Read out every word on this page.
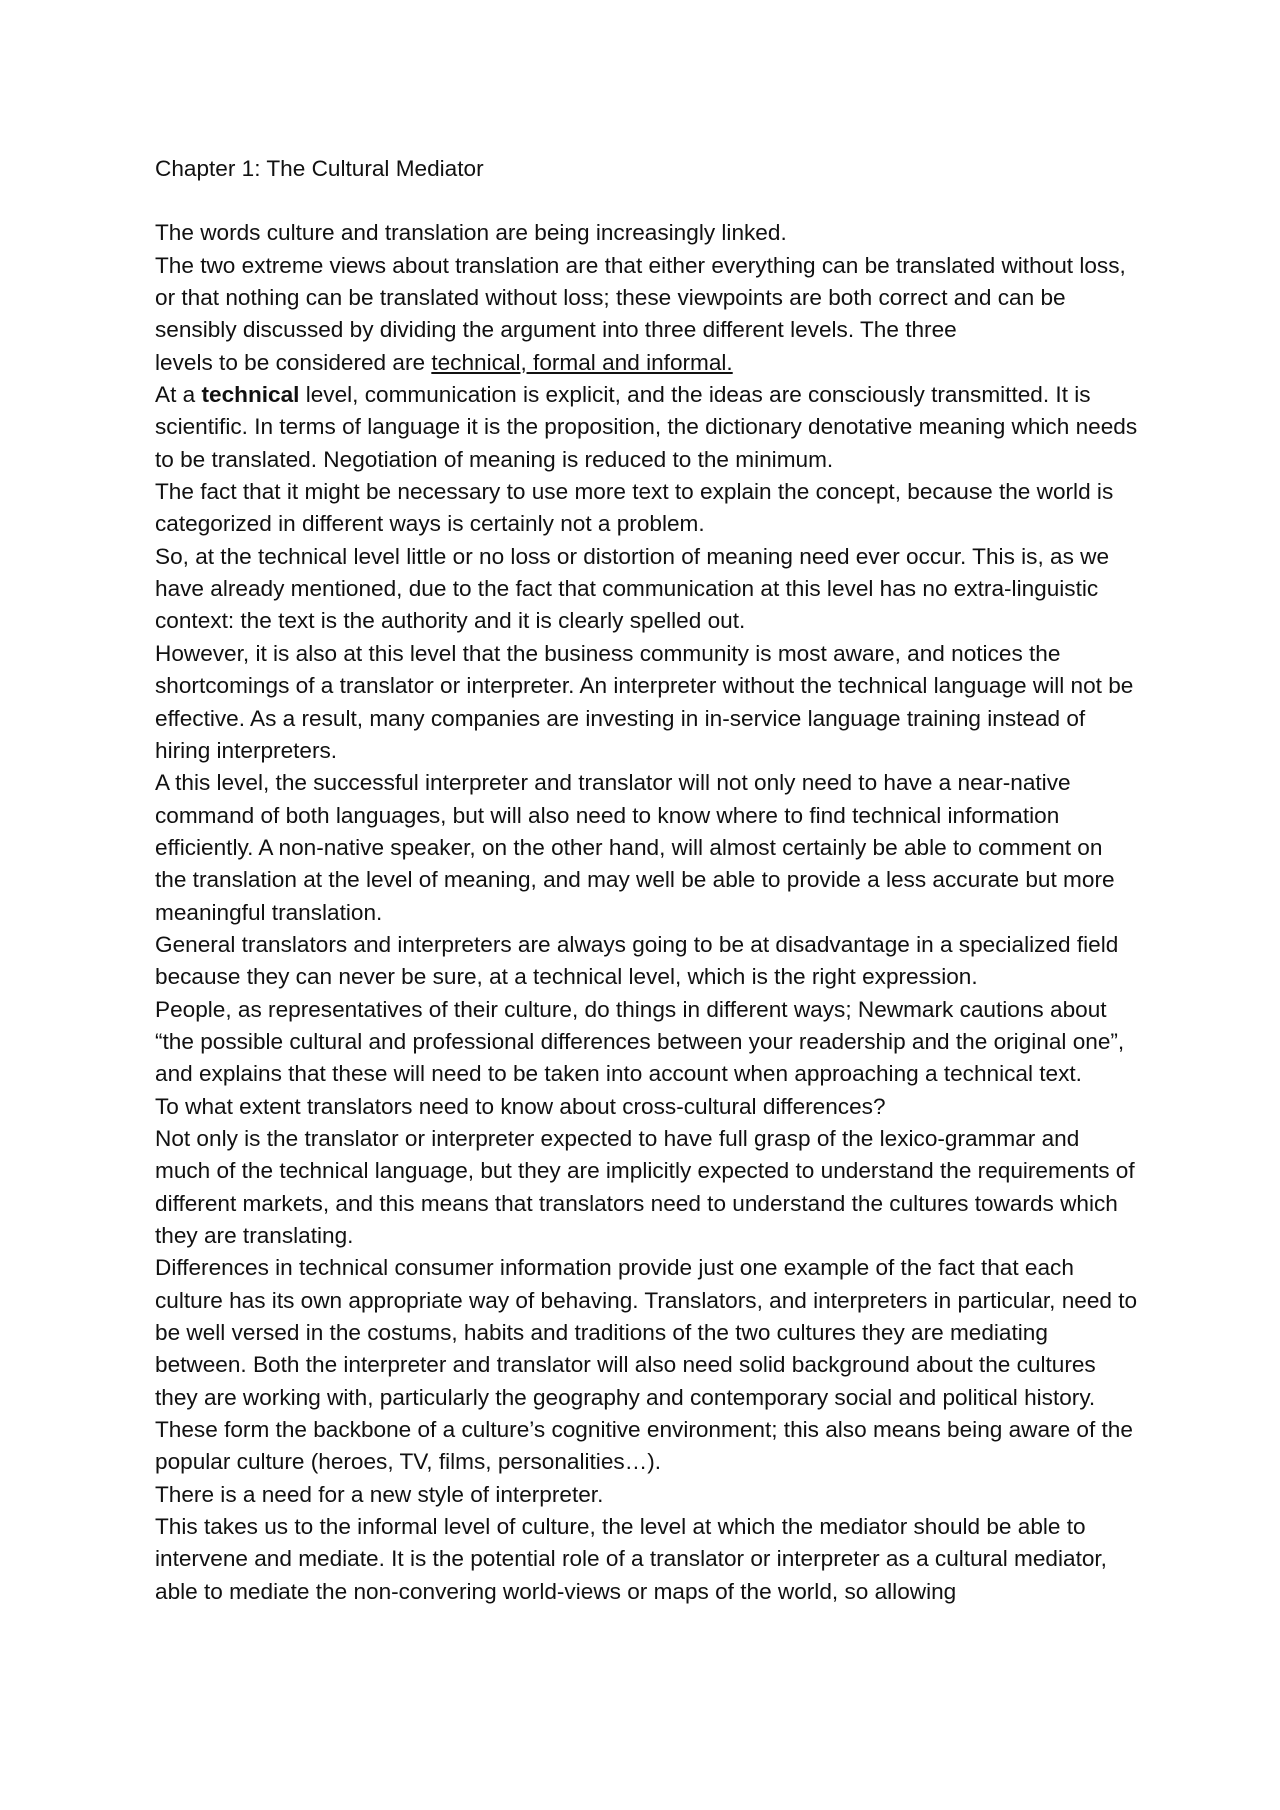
Chapter 1: The Cultural Mediator

The words culture and translation are being increasingly linked.

The two extreme views about translation are that either everything can be translated without loss, or that nothing can be translated without loss; these viewpoints are both correct and can be sensibly discussed by dividing the argument into three different levels. The three
levels to be considered are technical, formal and informal.

At a technical level, communication is explicit, and the ideas are consciously transmitted. It is scientific. In terms of language it is the proposition, the dictionary denotative meaning which needs to be translated. Negotiation of meaning is reduced to the minimum.

The fact that it might be necessary to use more text to explain the concept, because the world is categorized in different ways is certainly not a problem.

So, at the technical level little or no loss or distortion of meaning need ever occur. This is, as we have already mentioned, due to the fact that communication at this level has no extra-linguistic context: the text is the authority and it is clearly spelled out.

However, it is also at this level that the business community is most aware, and notices the shortcomings of a translator or interpreter. An interpreter without the technical language will not be effective. As a result, many companies are investing in in-service language training instead of hiring interpreters.

A this level, the successful interpreter and translator will not only need to have a near-native command of both languages, but will also need to know where to find technical information efficiently. A non-native speaker, on the other hand, will almost certainly be able to comment on the translation at the level of meaning, and may well be able to provide a less accurate but more meaningful translation.

General translators and interpreters are always going to be at disadvantage in a specialized field because they can never be sure, at a technical level, which is the right expression.

People, as representatives of their culture, do things in different ways; Newmark cautions about “the possible cultural and professional differences between your readership and the original one”, and explains that these will need to be taken into account when approaching a technical text.

To what extent translators need to know about cross-cultural differences?

Not only is the translator or interpreter expected to have full grasp of the lexico-grammar and much of the technical language, but they are implicitly expected to understand the requirements of different markets, and this means that translators need to understand the cultures towards which they are translating.

Differences in technical consumer information provide just one example of the fact that each culture has its own appropriate way of behaving. Translators, and interpreters in particular, need to be well versed in the costums, habits and traditions of the two cultures they are mediating between. Both the interpreter and translator will also need solid background about the cultures they are working with, particularly the geography and contemporary social and political history. These form the backbone of a culture’s cognitive environment; this also means being aware of the popular culture (heroes, TV, films, personalities…).

There is a need for a new style of interpreter.

This takes us to the informal level of culture, the level at which the mediator should be able to intervene and mediate. It is the potential role of a translator or interpreter as a cultural mediator, able to mediate the non-convering world-views or maps of the world, so allowing
